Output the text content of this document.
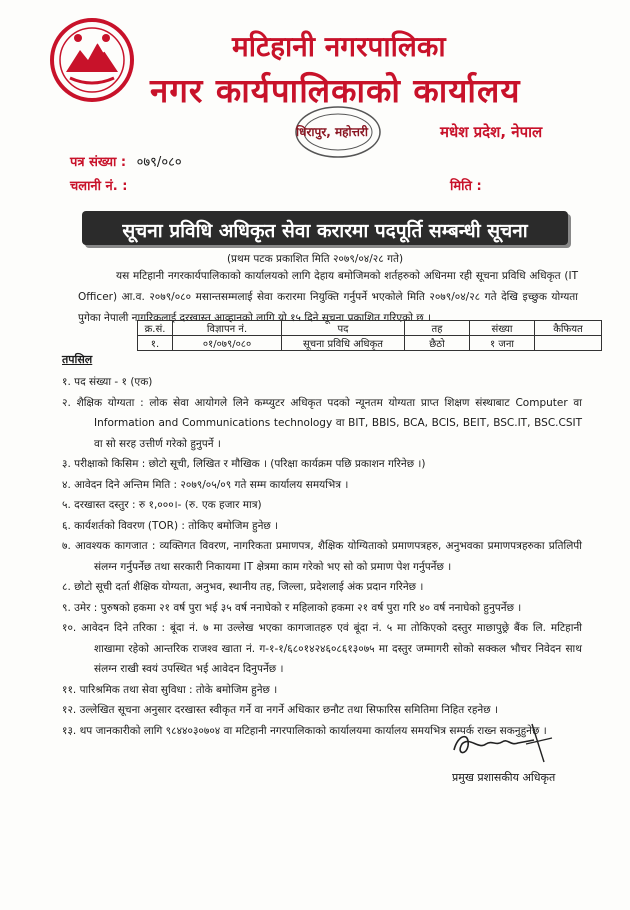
मटिहानी नगरपालिका
नगर कार्यपालिकाको कार्यालय
धिरापुर, महोत्तरी	मधेश प्रदेश, नेपाल
पत्र संख्या : ०७९/०८०
चलानी नं. :	मिति :
सूचना प्रविधि अधिकृत सेवा करारमा पदपूर्ति सम्बन्धी सूचना
(प्रथम पटक प्रकाशित मिति २०७९/०४/२८ गते)
यस मटिहानी नगरकार्यपालिकाको कार्यालयको लागि देहाय बमोजिमको शर्तहरुको अधिनमा रही सूचना प्रविधि अधिकृत (IT Officer) आ.व. २०७९/०८० मसान्तसम्मलाई सेवा करारमा नियुक्ति गर्नुपर्ने भएकोले मिति २०७९/०४/२८ गते देखि इच्छुक योग्यता पुगेका नेपाली नागरिकलाई दरखास्त आव्हानको लागि यो १५ दिने सूचना प्रकाशित गरिएको छ ।
क्र.सं.	विज्ञापन नं.	पद	तह	संख्या	कैफियत
१.	०१/०७९/०८०	सूचना प्रविधि अधिकृत	छैठो	१ जना	
तपसिल
१. पद संख्या - १ (एक)
२. शैक्षिक योग्यता : लोक सेवा आयोगले लिने कम्प्युटर अधिकृत पदको न्यूनतम योग्यता प्राप्त शिक्षण संस्थाबाट Computer वा Information and Communications technology वा BIT, BBIS, BCA, BCIS, BEIT, BSC.IT, BSC.CSIT वा सो सरह उत्तीर्ण गरेको हुनुपर्ने ।
३. परीक्षाको किसिम : छोटो सूची, लिखित र मौखिक । (परिक्षा कार्यक्रम पछि प्रकाशन गरिनेछ ।)
४. आवेदन दिने अन्तिम मिति : २०७९/०५/०९ गते सम्म कार्यालय समयभित्र ।
५. दरखास्त दस्तुर : रु १,०००।- (रु. एक हजार मात्र)
६. कार्यशर्तको विवरण (TOR) : तोकिए बमोजिम हुनेछ ।
७. आवश्यक कागजात : व्यक्तिगत विवरण, नागरिकता प्रमाणपत्र, शैक्षिक योग्यिताको प्रमाणपत्रहरु, अनुभवका प्रमाणपत्रहरुका प्रतिलिपी संलग्न गर्नुपर्नेछ तथा सरकारी निकायमा IT क्षेत्रमा काम गरेको भए सो को प्रमाण पेश गर्नुपर्नेछ ।
८. छोटो सूची दर्ता शैक्षिक योग्यता, अनुभव, स्थानीय तह, जिल्ला, प्रदेशलाई अंक प्रदान गरिनेछ ।
९. उमेर : पुरुषको हकमा २१ वर्ष पुरा भई ३५ वर्ष ननाघेको र महिलाको हकमा २१ वर्ष पुरा गरि ४० वर्ष ननाघेको हुनुपर्नेछ ।
१०. आवेदन दिने तरिका : बूंदा नं. ७ मा उल्लेख भएका कागजातहरु एवं बूंदा नं. ५ मा तोकिएको दस्तुर माछापुछ्रे बैंक लि. मटिहानी शाखामा रहेको आन्तरिक राजश्व खाता नं. ग-१-१/६८०१४२४६०८६१३०७५ मा दस्तुर जम्मागरी सोको सक्कल भौचर निवेदन साथ संलग्न राखी स्वयं उपस्थित भई आवेदन दिनुपर्नेछ ।
११. पारिश्रमिक तथा सेवा सुविधा : तोके बमोजिम हुनेछ ।
१२. उल्लेखित सूचना अनुसार दरखास्त स्वीकृत गर्ने वा नगर्ने अधिकार छनौट तथा सिफारिस समितिमा निहित रहनेछ ।
१३. थप जानकारीको लागि ९८४४०३०७०४ वा मटिहानी नगरपालिकाको कार्यालयमा कार्यालय समयभित्र सम्पर्क राख्न सकनुहुनेछ ।
प्रमुख प्रशासकीय अधिकृत
